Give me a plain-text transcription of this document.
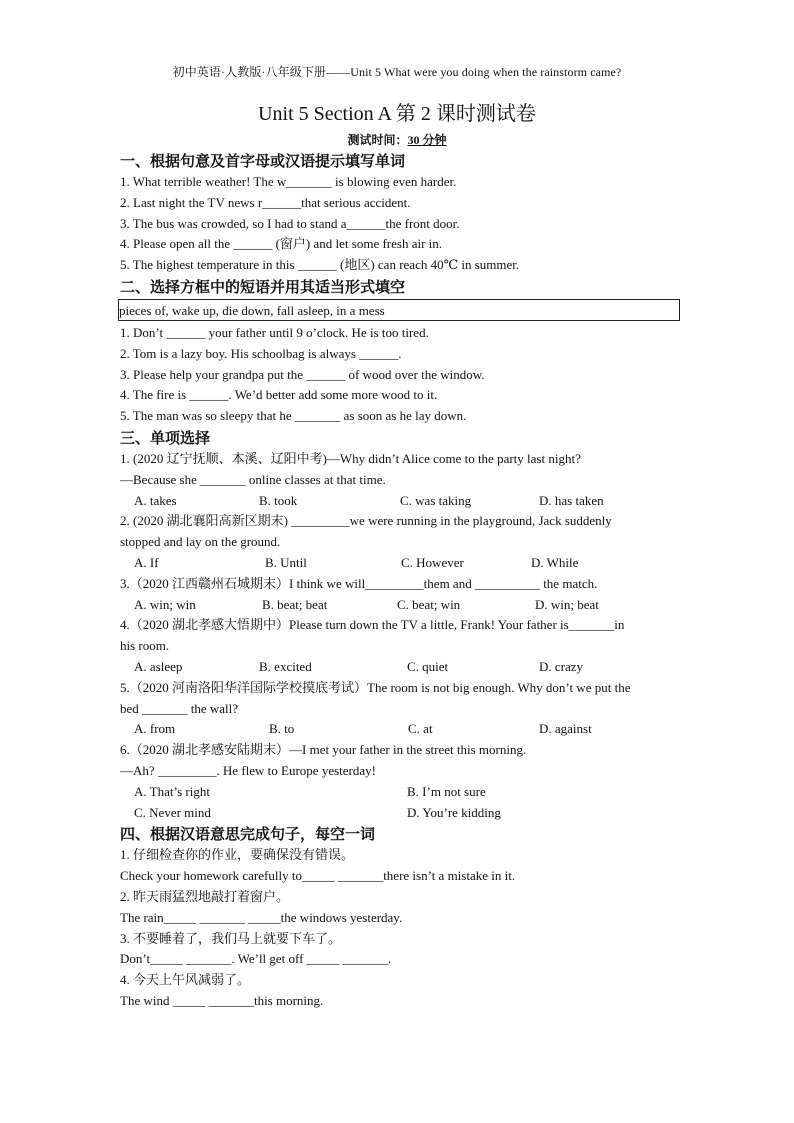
初中英语·人教版·八年级下册——Unit 5 What were you doing when the rainstorm came?
Unit 5 Section A 第 2 课时测试卷
测试时间：30 分钟
一、根据句意及首字母或汉语提示填写单词
1. What terrible weather! The w_______ is blowing even harder.
2. Last night the TV news r______that serious accident.
3. The bus was crowded, so I had to stand a______the front door.
4. Please open all the ______ (窗户) and let some fresh air in.
5. The highest temperature in this ______ (地区) can reach 40℃ in summer.
二、选择方框中的短语并用其适当形式填空
pieces of, wake up, die down, fall asleep, in a mess
1. Don’t ______ your father until 9 o’clock. He is too tired.
2. Tom is a lazy boy. His schoolbag is always ______.
3. Please help your grandpa put the ______ of wood over the window.
4. The fire is ______. We’d better add some more wood to it.
5. The man was so sleepy that he _______ as soon as he lay down.
三、单项选择
1. (2020 辽宁抚顺、本溪、辽阳中考)—Why didn’t Alice come to the party last night?
—Because she _______ online classes at that time.
A. takes	B. took	C. was taking	D. has taken
2. (2020 湖北襄阳高新区期末) _________we were running in the playground, Jack suddenly
stopped and lay on the ground.
A. If	B. Until	C. However	D. While
3.（2020 江西赣州石城期末）I think we will_________them and __________ the match.
A. win; win	B. beat; beat	C. beat; win	D. win; beat
4.（2020 湖北孝感大悟期中）Please turn down the TV a little, Frank! Your father is_______in
his room.
A. asleep	B. excited	C. quiet	D. crazy
5.（2020 河南洛阳华洋国际学校摸底考试）The room is not big enough. Why don’t we put the
bed _______ the wall?
A. from	B. to	C. at	D. against
6.（2020 湖北孝感安陆期末）—I met your father in the street this morning.
—Ah? _________. He flew to Europe yesterday!
A. That’s right	B. I’m not sure
C. Never mind	D. You’re kidding
四、根据汉语意思完成句子，每空一词
1. 仔细检查你的作业，要确保没有错误。
Check your homework carefully to_____ _______there isn’t a mistake in it.
2. 昨天雨猛烈地敲打着窗户。
The rain_____ _______ _____the windows yesterday.
3. 不要睡着了，我们马上就要下车了。
Don’t_____ _______. We’ll get off _____ _______.
4. 今天上午风减弱了。
The wind _____ _______this morning.
